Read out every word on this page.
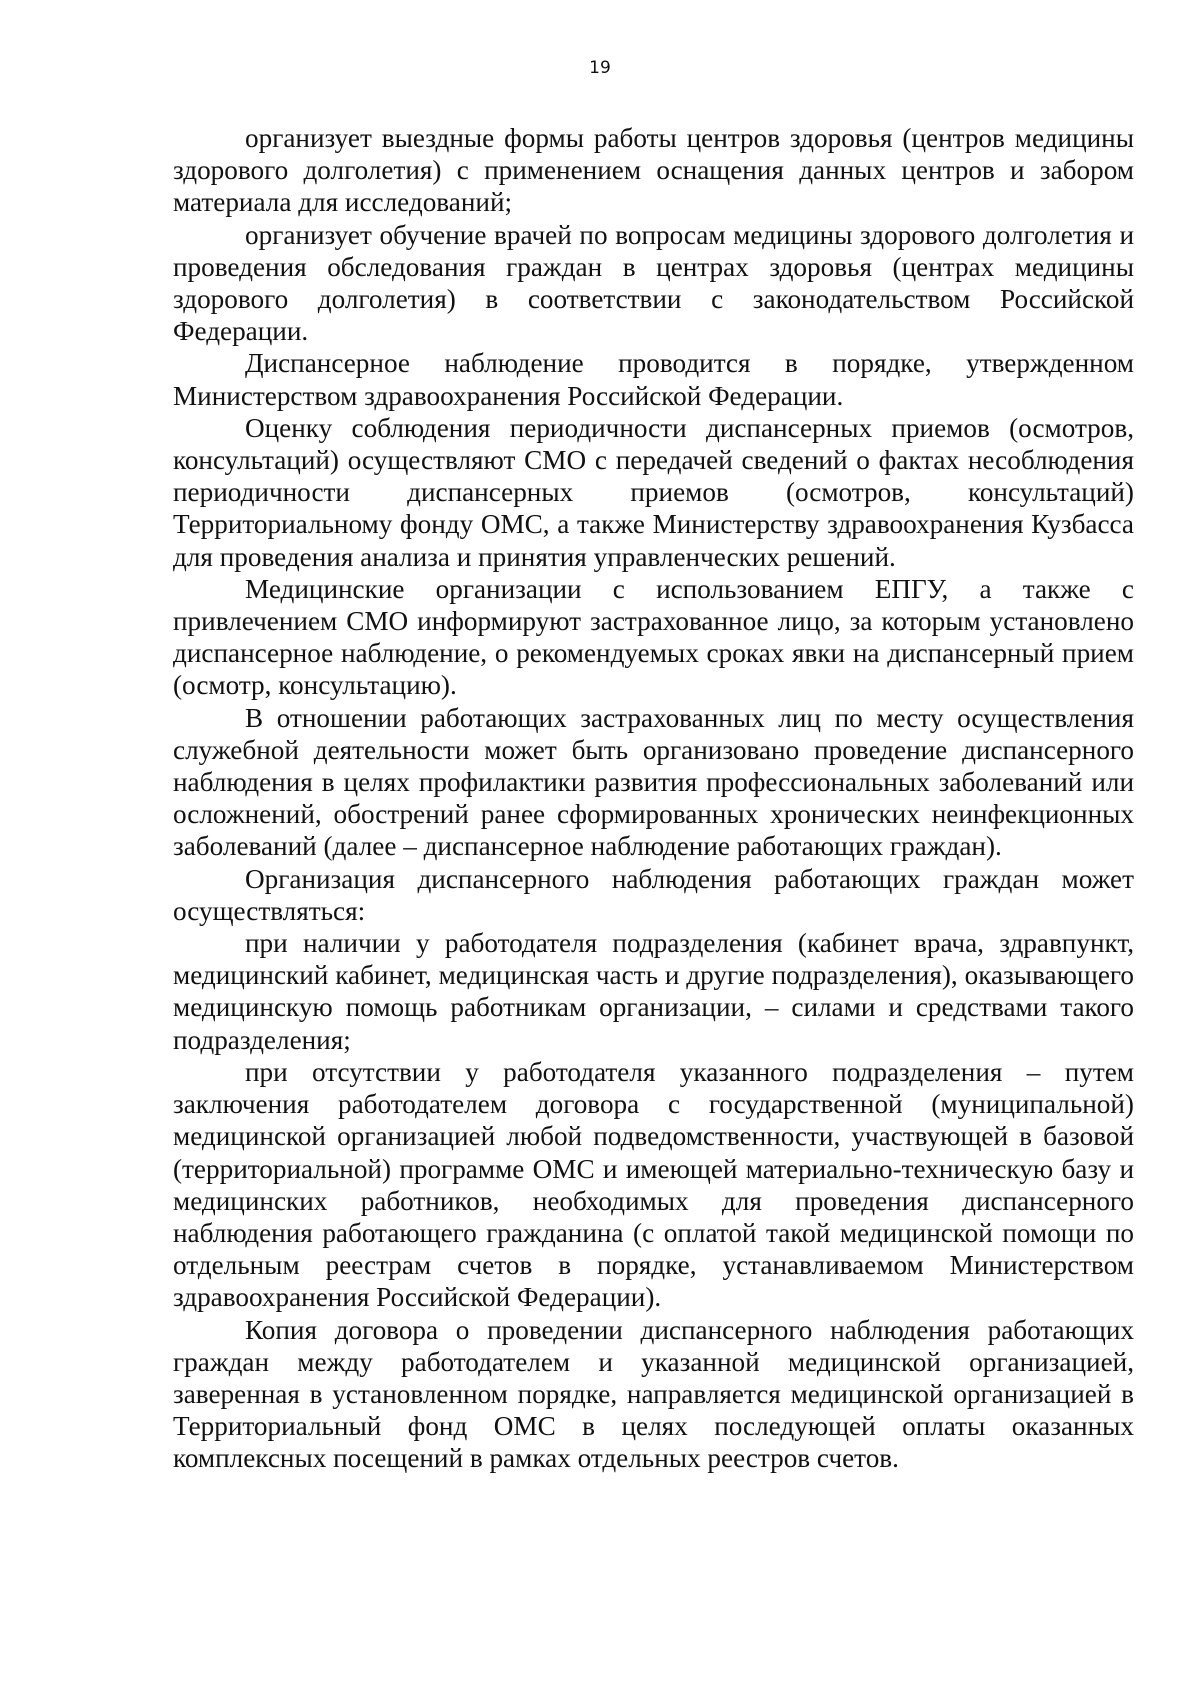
19

организует выездные формы работы центров здоровья (центров медицины здорового долголетия) с применением оснащения данных центров и забором материала для исследований;

организует обучение врачей по вопросам медицины здорового долголетия и проведения обследования граждан в центрах здоровья (центрах медицины здорового долголетия) в соответствии с законодательством Российской Федерации.

Диспансерное наблюдение проводится в порядке, утвержденном Министерством здравоохранения Российской Федерации.

Оценку соблюдения периодичности диспансерных приемов (осмотров, консультаций) осуществляют СМО с передачей сведений о фактах несоблюдения периодичности диспансерных приемов (осмотров, консультаций) Территориальному фонду ОМС, а также Министерству здравоохранения Кузбасса для проведения анализа и принятия управленческих решений.

Медицинские организации с использованием ЕПГУ, а также с привлечением СМО информируют застрахованное лицо, за которым установлено диспансерное наблюдение, о рекомендуемых сроках явки на диспансерный прием (осмотр, консультацию).

В отношении работающих застрахованных лиц по месту осуществления служебной деятельности может быть организовано проведение диспансерного наблюдения в целях профилактики развития профессиональных заболеваний или осложнений, обострений ранее сформированных хронических неинфекционных заболеваний (далее – диспансерное наблюдение работающих граждан).

Организация диспансерного наблюдения работающих граждан может осуществляться:

при наличии у работодателя подразделения (кабинет врача, здравпункт, медицинский кабинет, медицинская часть и другие подразделения), оказывающего медицинскую помощь работникам организации, – силами и средствами такого подразделения;

при отсутствии у работодателя указанного подразделения – путем заключения работодателем договора с государственной (муниципальной) медицинской организацией любой подведомственности, участвующей в базовой (территориальной) программе ОМС и имеющей материально-техническую базу и медицинских работников, необходимых для проведения диспансерного наблюдения работающего гражданина (с оплатой такой медицинской помощи по отдельным реестрам счетов в порядке, устанавливаемом Министерством здравоохранения Российской Федерации).

Копия договора о проведении диспансерного наблюдения работающих граждан между работодателем и указанной медицинской организацией, заверенная в установленном порядке, направляется медицинской организацией в Территориальный фонд ОМС в целях последующей оплаты оказанных комплексных посещений в рамках отдельных реестров счетов.
